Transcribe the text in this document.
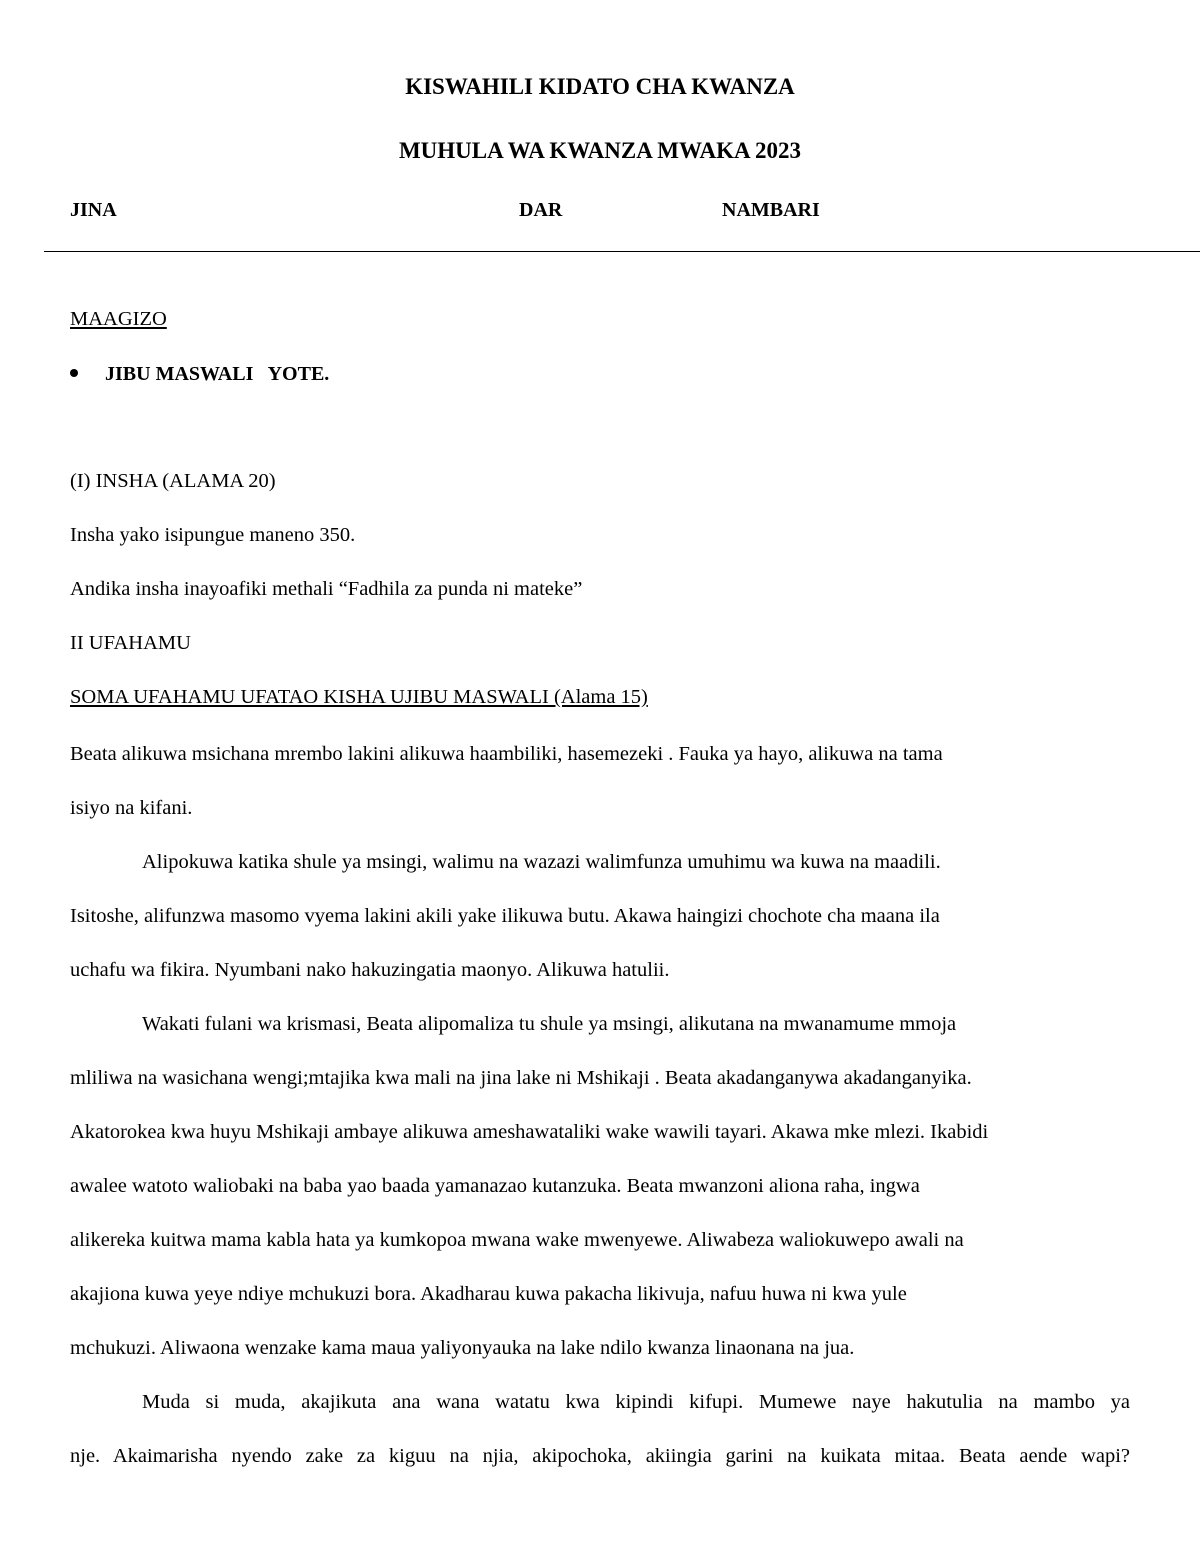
KISWAHILI KIDATO CHA KWANZA
MUHULA WA KWANZA MWAKA 2023
JINA	DAR	NAMBARI
MAAGIZO
JIBU MASWALI   YOTE.
(I) INSHA (ALAMA 20)
Insha yako isipungue maneno 350.
Andika insha inayoafiki methali “Fadhila za punda ni mateke”
II UFAHAMU
SOMA UFAHAMU UFATAO KISHA UJIBU MASWALI (Alama 15)
Beata alikuwa msichana mrembo lakini alikuwa haambiliki, hasemezeki . Fauka ya hayo, alikuwa na tama
isiyo na kifani.
Alipokuwa katika shule ya msingi, walimu na wazazi walimfunza umuhimu wa kuwa na maadili.
Isitoshe, alifunzwa masomo vyema lakini akili yake ilikuwa butu. Akawa haingizi chochote cha maana ila
uchafu wa fikira. Nyumbani nako hakuzingatia maonyo. Alikuwa hatulii.
Wakati fulani wa krismasi, Beata alipomaliza tu shule ya msingi, alikutana na mwanamume mmoja
mliliwa na wasichana wengi;mtajika kwa mali na jina lake ni Mshikaji . Beata akadanganywa akadanganyika.
Akatorokea kwa huyu Mshikaji ambaye alikuwa ameshawataliki wake wawili tayari. Akawa mke mlezi. Ikabidi
awalee watoto waliobaki na baba yao baada yamanazao kutanzuka. Beata mwanzoni aliona raha, ingwa
alikereka kuitwa mama kabla hata ya kumkopoa mwana wake mwenyewe. Aliwabeza waliokuwepo awali na
akajiona kuwa yeye ndiye mchukuzi bora. Akadharau kuwa pakacha likivuja, nafuu huwa ni kwa yule
mchukuzi. Aliwaona wenzake kama maua yaliyonyauka na lake ndilo kwanza linaonana na jua.
Muda si muda, akajikuta ana wana watatu kwa kipindi kifupi. Mumewe naye hakutulia na mambo ya
nje. Akaimarisha nyendo zake za kiguu na njia, akipochoka, akiingia garini na kuikata mitaa. Beata aende wapi?
